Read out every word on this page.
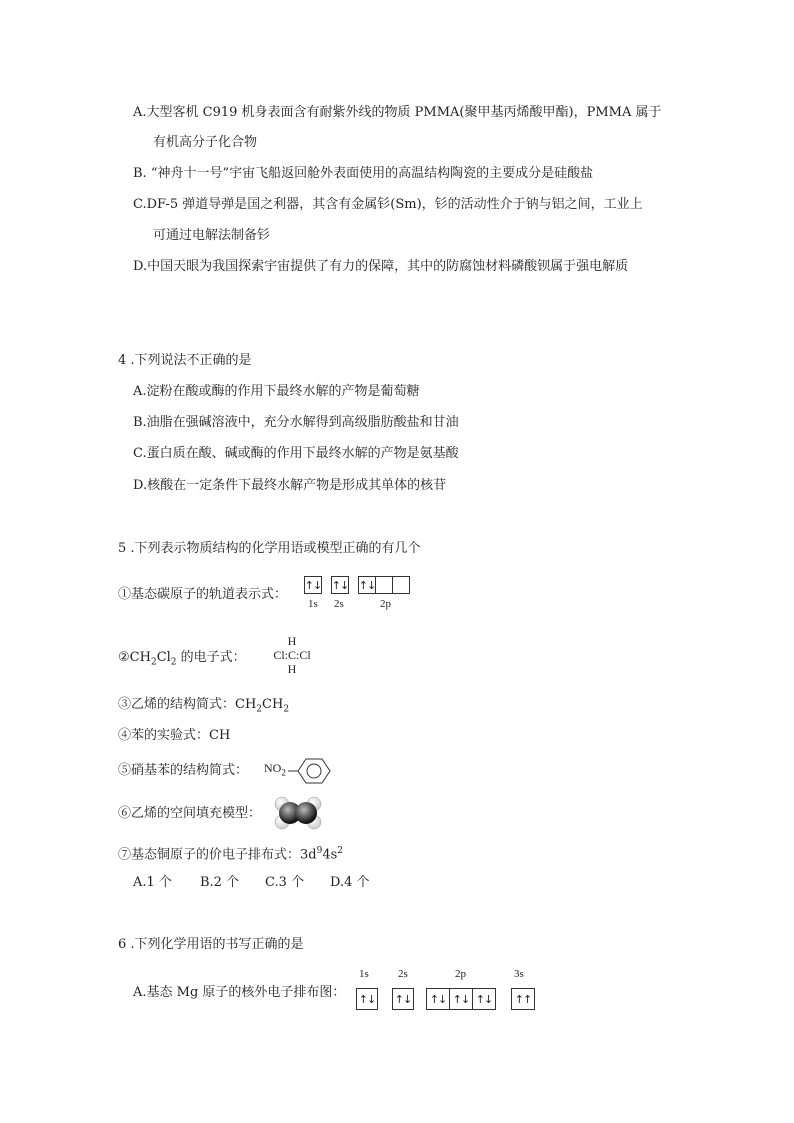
A.大型客机 C919 机身表面含有耐紫外线的物质 PMMA(聚甲基丙烯酸甲酯)，PMMA 属于
有机高分子化合物
B. “神舟十一号”宇宙飞船返回舱外表面使用的高温结构陶瓷的主要成分是硅酸盐
C.DF-5 弹道导弹是国之利器，其含有金属钐(Sm)，钐的活动性介于钠与铝之间，工业上
可通过电解法制备钐
D.中国天眼为我国探索宇宙提供了有力的保障，其中的防腐蚀材料磷酸钡属于强电解质
4 .下列说法不正确的是
A.淀粉在酸或酶的作用下最终水解的产物是葡萄糖
B.油脂在强碱溶液中，充分水解得到高级脂肪酸盐和甘油
C.蛋白质在酸、碱或酶的作用下最终水解的产物是氨基酸
D.核酸在一定条件下最终水解产物是形成其单体的核苷
5 .下列表示物质结构的化学用语或模型正确的有几个
①基态碳原子的轨道表示式：
↑↓ ↑↓ ↑↓
1s 2s	2p
$②CH_2Cl_2$ 的电子式：
H
Cl:C:Cl
H
③乙烯的结构简式：$CH_2CH_2$
④苯的实验式：CH
⑤硝基苯的结构简式： $NO_2$
⑥乙烯的空间填充模型：
⑦基态铜原子的价电子排布式：$3d^94s^2$
A.1 个 B.2 个 C.3 个 D.4 个
6 .下列化学用语的书写正确的是
A.基态 Mg 原子的核外电子排布图：
1s	2s	2p	3s
↑↓ ↑↓	↑↓ ↑↓ ↑↓	↑↑
